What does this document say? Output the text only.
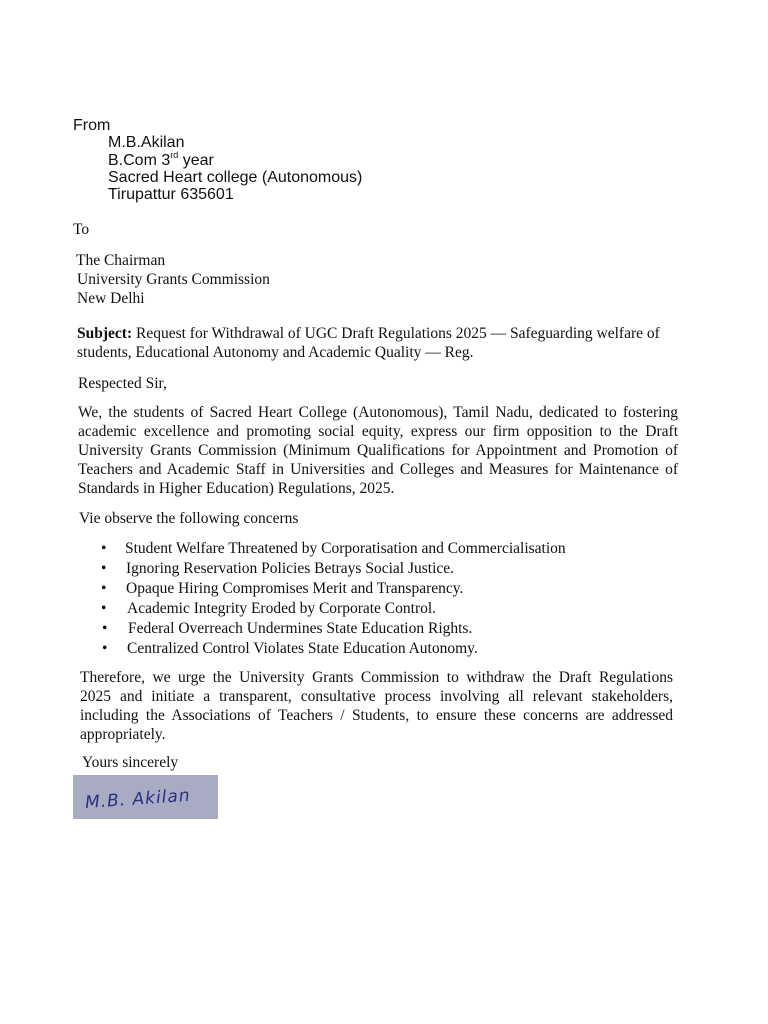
From
M.B.Akilan
B.Com 3rd year
Sacred Heart college (Autonomous)
Tirupattur 635601
To
The Chairman
University Grants Commission
New Delhi
Subject: Request for Withdrawal of UGC Draft Regulations 2025 — Safeguarding welfare of
students, Educational Autonomy and Academic Quality — Reg.
Respected Sir,
We, the students of Sacred Heart College (Autonomous), Tamil Nadu, dedicated to fostering
academic excellence and promoting social equity, express our firm opposition to the Draft
University Grants Commission (Minimum Qualifications for Appointment and Promotion of
Teachers and Academic Staff in Universities and Colleges and Measures for Maintenance of
Standards in Higher Education) Regulations, 2025.
Vie observe the following concerns
• Student Welfare Threatened by Corporatisation and Commercialisation
• Ignoring Reservation Policies Betrays Social Justice.
• Opaque Hiring Compromises Merit and Transparency.
• Academic Integrity Eroded by Corporate Control.
• Federal Overreach Undermines State Education Rights.
• Centralized Control Violates State Education Autonomy.
Therefore, we urge the University Grants Commission to withdraw the Draft Regulations
2025 and initiate a transparent, consultative process involving all relevant stakeholders,
including the Associations of Teachers / Students, to ensure these concerns are addressed
appropriately.
Yours sincerely
M.B. Akilan
